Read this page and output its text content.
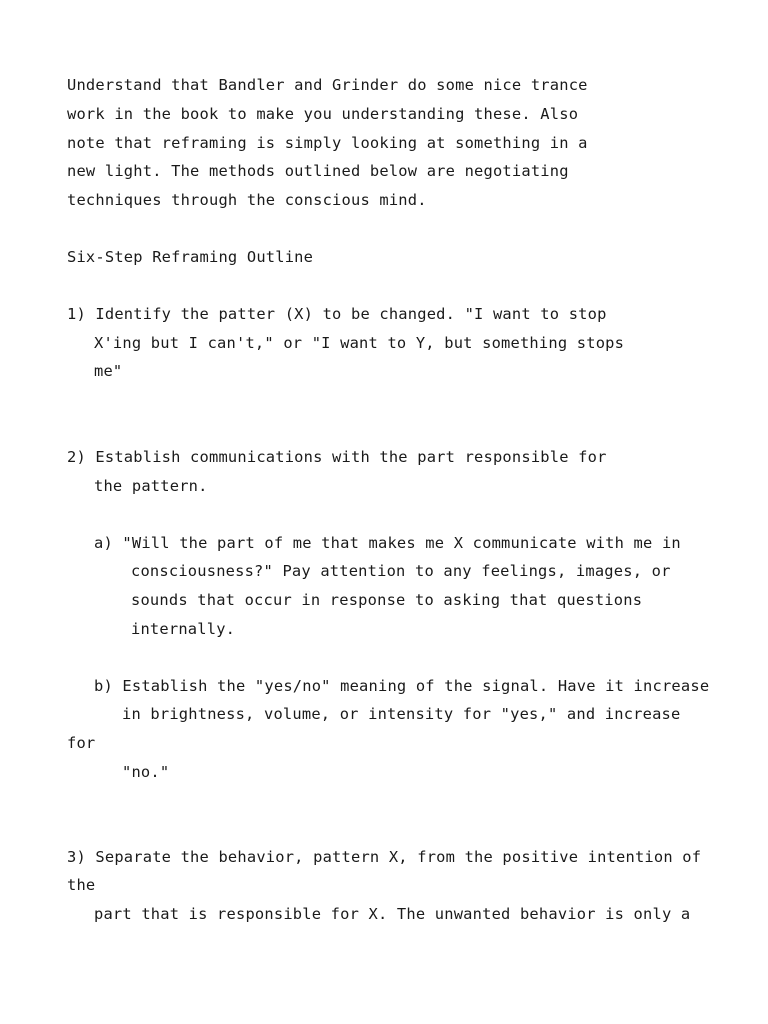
Understand that Bandler and Grinder do some nice trance
work in the book to make you understanding these. Also
note that reframing is simply looking at something in a
new light. The methods outlined below are negotiating
techniques through the conscious mind.
Six-Step Reframing Outline
1) Identify the patter (X) to be changed. "I want to stop
X'ing but I can't," or "I want to Y, but something stops
me"
2) Establish communications with the part responsible for
the pattern.
a) "Will the part of me that makes me X communicate with me in
consciousness?" Pay attention to any feelings, images, or
sounds that occur in response to asking that questions
internally.
b) Establish the "yes/no" meaning of the signal. Have it increase
in brightness, volume, or intensity for "yes," and increase
for
"no."
3) Separate the behavior, pattern X, from the positive intention of
the
part that is responsible for X. The unwanted behavior is only a
